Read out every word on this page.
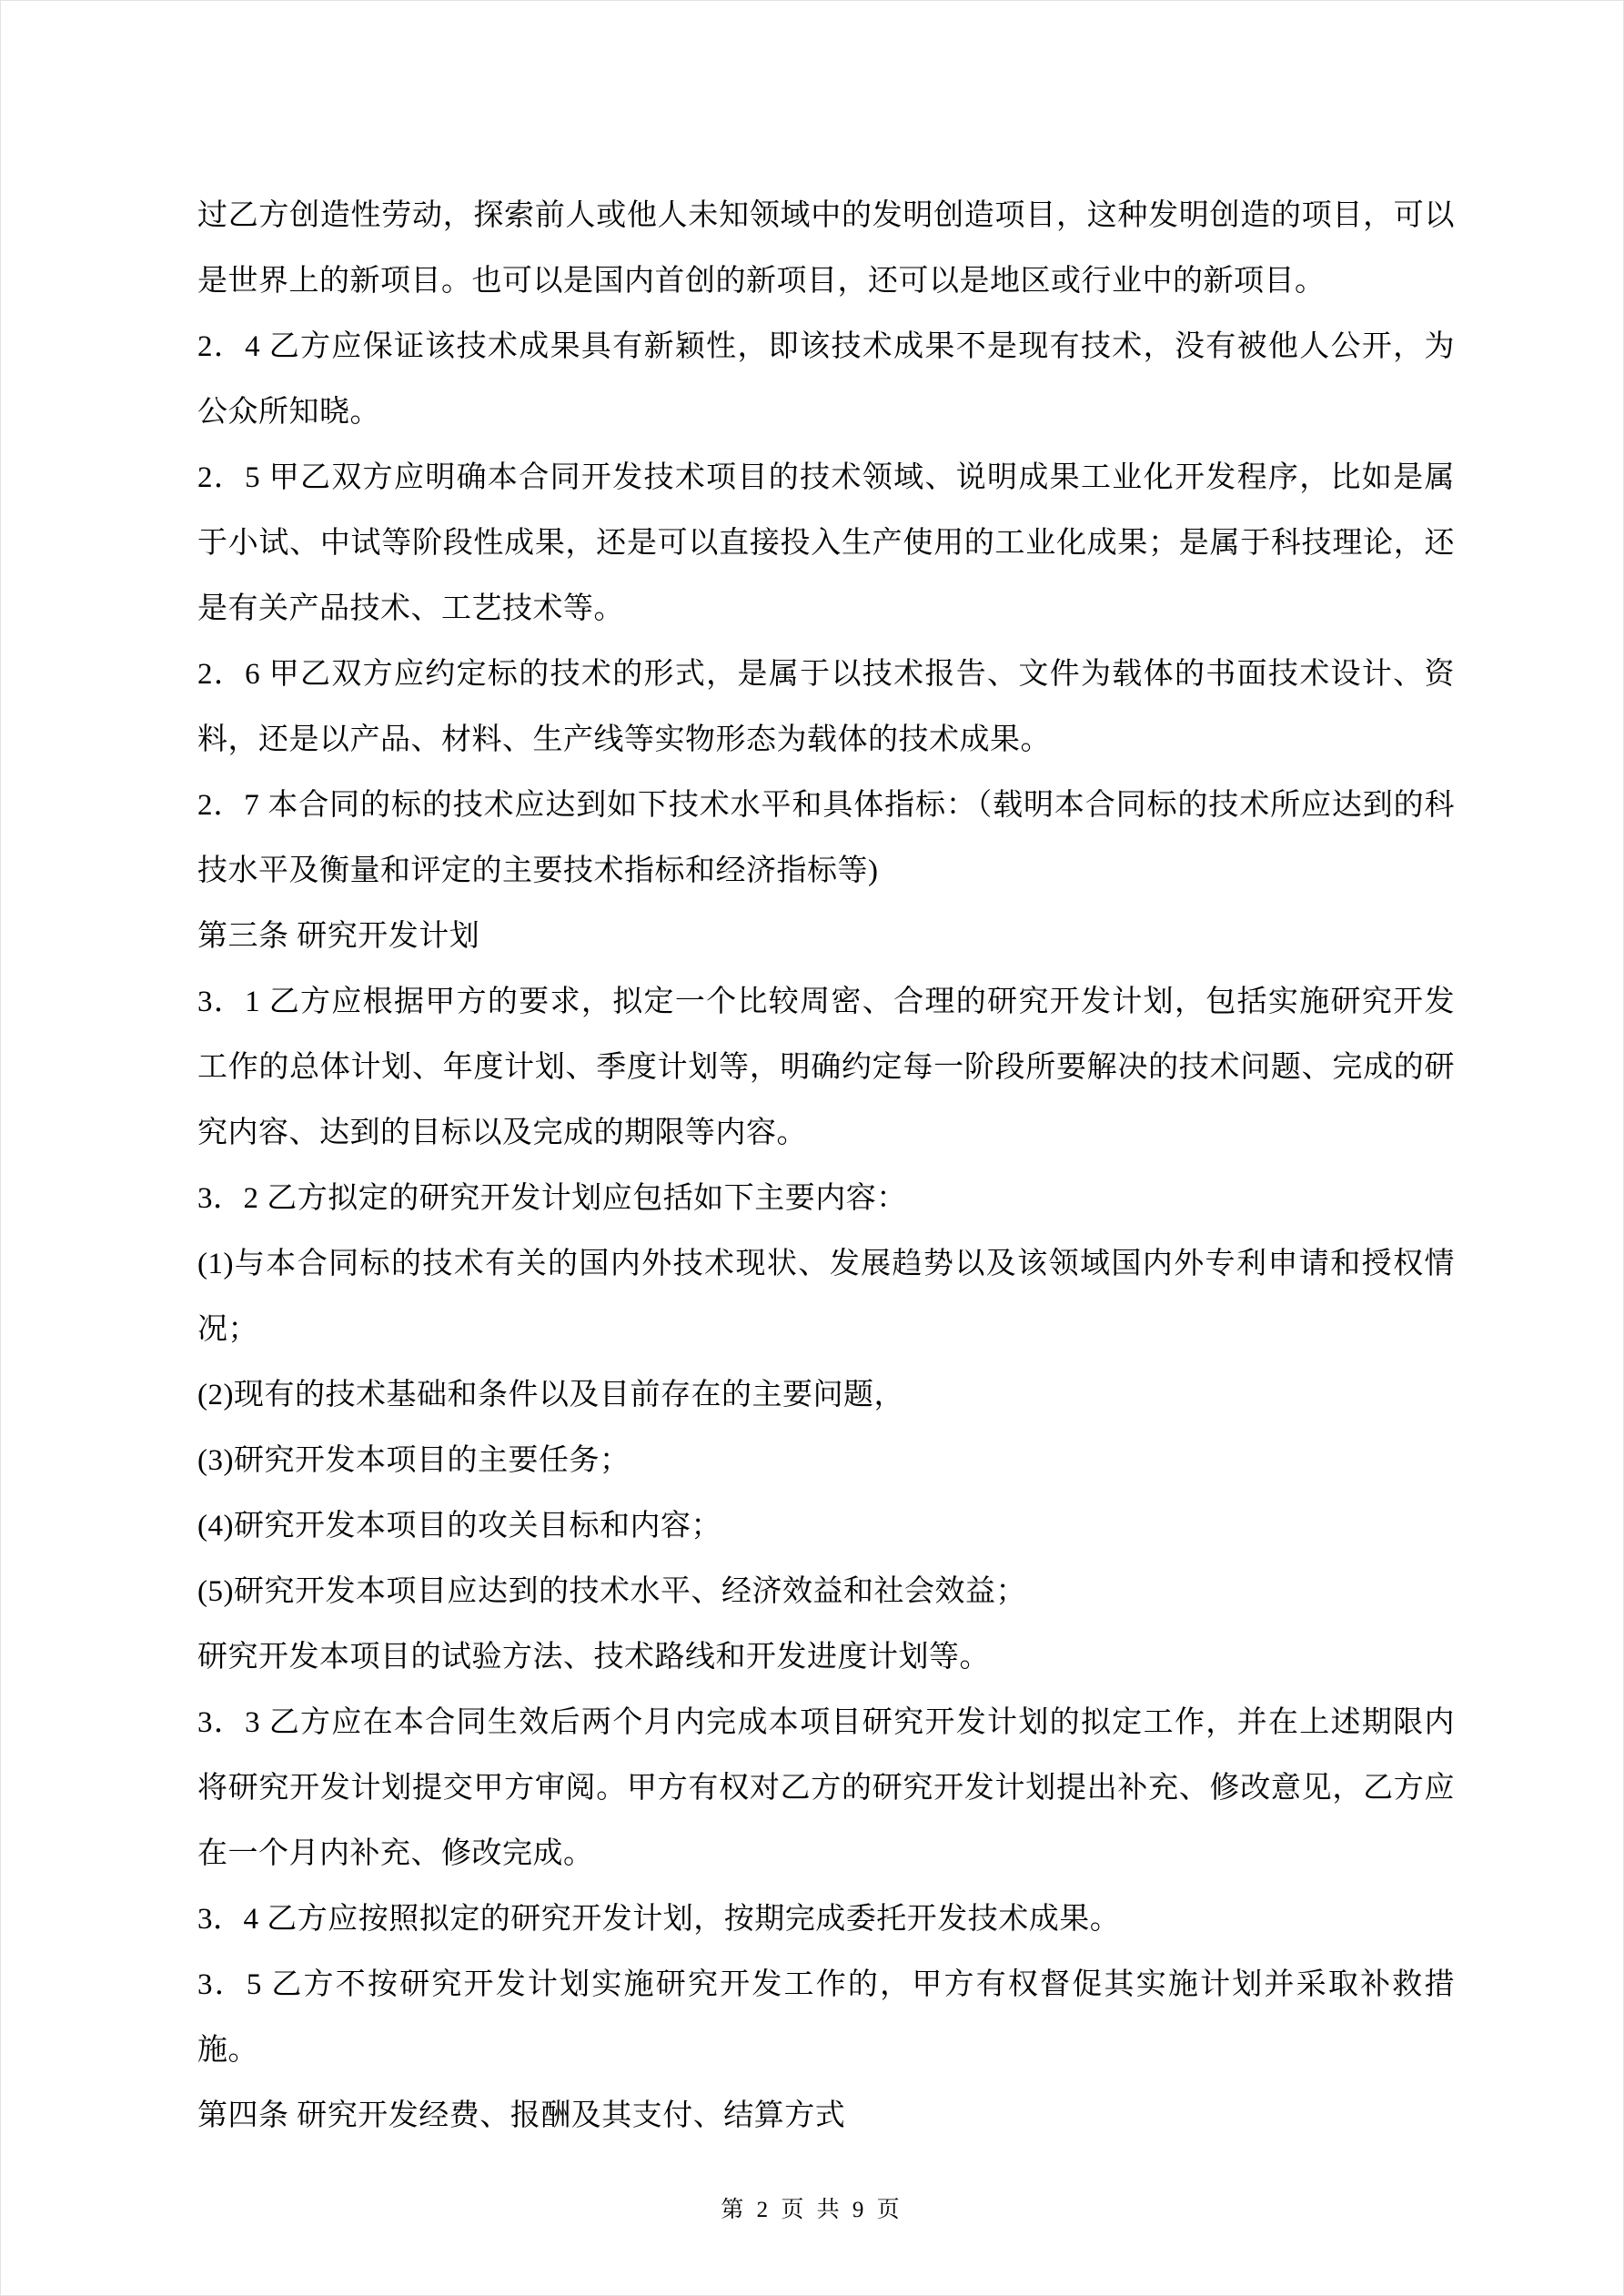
过乙方创造性劳动，探索前人或他人未知领域中的发明创造项目，这种发明创造的项目，可以是世界上的新项目。也可以是国内首创的新项目，还可以是地区或行业中的新项目。

2．4 乙方应保证该技术成果具有新颖性，即该技术成果不是现有技术，没有被他人公开，为公众所知晓。

2．5 甲乙双方应明确本合同开发技术项目的技术领域、说明成果工业化开发程序，比如是属于小试、中试等阶段性成果，还是可以直接投入生产使用的工业化成果；是属于科技理论，还是有关产品技术、工艺技术等。

2．6 甲乙双方应约定标的技术的形式，是属于以技术报告、文件为载体的书面技术设计、资料，还是以产品、材料、生产线等实物形态为载体的技术成果。

2．7 本合同的标的技术应达到如下技术水平和具体指标：（载明本合同标的技术所应达到的科技水平及衡量和评定的主要技术指标和经济指标等)

第三条 研究开发计划

3．1 乙方应根据甲方的要求，拟定一个比较周密、合理的研究开发计划，包括实施研究开发工作的总体计划、年度计划、季度计划等，明确约定每一阶段所要解决的技术问题、完成的研究内容、达到的目标以及完成的期限等内容。

3．2 乙方拟定的研究开发计划应包括如下主要内容：

(1)与本合同标的技术有关的国内外技术现状、发展趋势以及该领域国内外专利申请和授权情况；

(2)现有的技术基础和条件以及目前存在的主要问题，

(3)研究开发本项目的主要任务；

(4)研究开发本项目的攻关目标和内容；

(5)研究开发本项目应达到的技术水平、经济效益和社会效益；

研究开发本项目的试验方法、技术路线和开发进度计划等。

3．3 乙方应在本合同生效后两个月内完成本项目研究开发计划的拟定工作，并在上述期限内将研究开发计划提交甲方审阅。甲方有权对乙方的研究开发计划提出补充、修改意见，乙方应在一个月内补充、修改完成。

3．4 乙方应按照拟定的研究开发计划，按期完成委托开发技术成果。

3．5 乙方不按研究开发计划实施研究开发工作的，甲方有权督促其实施计划并采取补救措施。

第四条 研究开发经费、报酬及其支付、结算方式

第 2 页 共 9 页
